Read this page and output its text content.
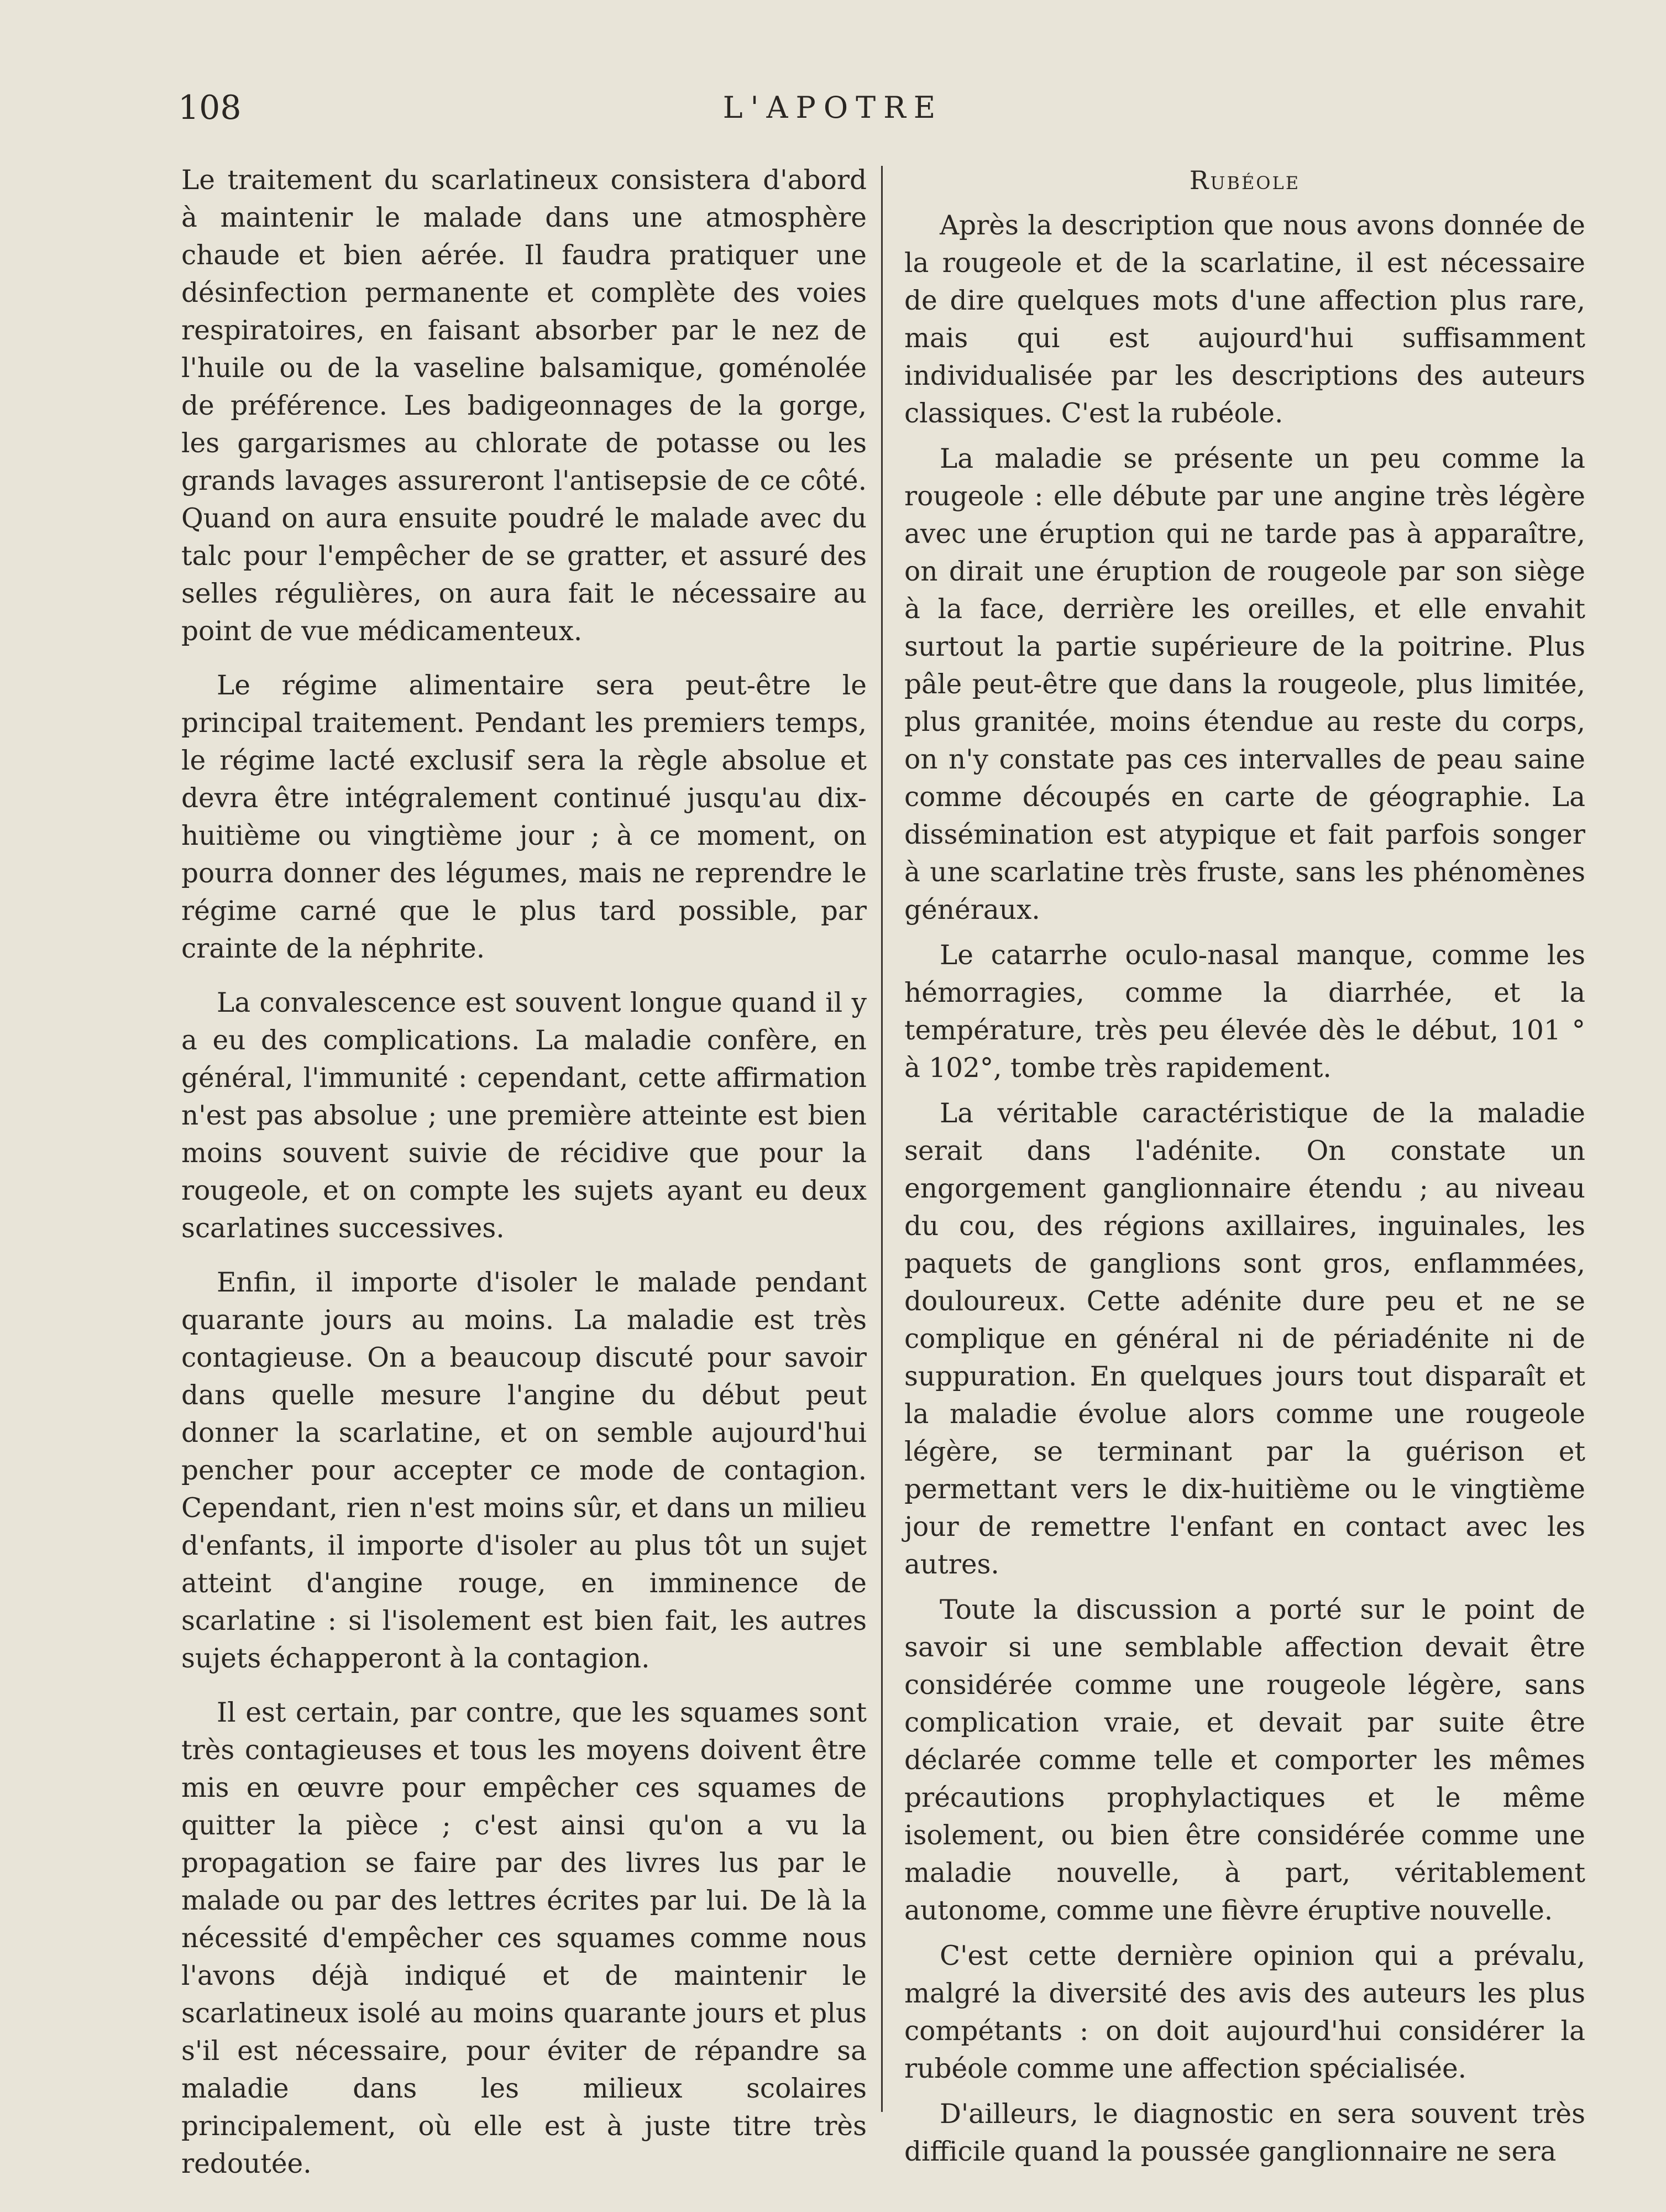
108	L'APOTRE

Le traitement du scarlatineux consistera d'abord à maintenir le malade dans une atmosphère chaude et bien aérée. Il faudra pratiquer une désinfection permanente et complète des voies respiratoires, en faisant absorber par le nez de l'huile ou de la vaseline balsamique, goménolée de préférence. Les badigeonnages de la gorge, les gargarismes au chlorate de potasse ou les grands lavages assureront l'antisepsie de ce côté. Quand on aura ensuite poudré le malade avec du talc pour l'empêcher de se gratter, et assuré des selles régulières, on aura fait le nécessaire au point de vue médicamenteux.

Le régime alimentaire sera peut-être le principal traitement. Pendant les premiers temps, le régime lacté exclusif sera la règle absolue et devra être intégralement continué jusqu'au dix-huitième ou vingtième jour ; à ce moment, on pourra donner des légumes, mais ne reprendre le régime carné que le plus tard possible, par crainte de la néphrite.

La convalescence est souvent longue quand il y a eu des complications. La maladie confère, en général, l'immunité : cependant, cette affirmation n'est pas absolue ; une première atteinte est bien moins souvent suivie de récidive que pour la rougeole, et on compte les sujets ayant eu deux scarlatines successives.

Enfin, il importe d'isoler le malade pendant quarante jours au moins. La maladie est très contagieuse. On a beaucoup discuté pour savoir dans quelle mesure l'angine du début peut donner la scarlatine, et on semble aujourd'hui pencher pour accepter ce mode de contagion. Cependant, rien n'est moins sûr, et dans un milieu d'enfants, il importe d'isoler au plus tôt un sujet atteint d'angine rouge, en imminence de scarlatine : si l'isolement est bien fait, les autres sujets échapperont à la contagion.

Il est certain, par contre, que les squames sont très contagieuses et tous les moyens doivent être mis en œuvre pour empêcher ces squames de quitter la pièce ; c'est ainsi qu'on a vu la propagation se faire par des livres lus par le malade ou par des lettres écrites par lui. De là la nécessité d'empêcher ces squames comme nous l'avons déjà indiqué et de maintenir le scarlatineux isolé au moins quarante jours et plus s'il est nécessaire, pour éviter de répandre sa maladie dans les milieux scolaires principalement, où elle est à juste titre très redoutée.

Rubéole

Après la description que nous avons donnée de la rougeole et de la scarlatine, il est nécessaire de dire quelques mots d'une affection plus rare, mais qui est aujourd'hui suffisamment individualisée par les descriptions des auteurs classiques. C'est la rubéole.

La maladie se présente un peu comme la rougeole : elle débute par une angine très légère avec une éruption qui ne tarde pas à apparaître, on dirait une éruption de rougeole par son siège à la face, derrière les oreilles, et elle envahit surtout la partie supérieure de la poitrine. Plus pâle peut-être que dans la rougeole, plus limitée, plus granitée, moins étendue au reste du corps, on n'y constate pas ces intervalles de peau saine comme découpés en carte de géographie. La dissémination est atypique et fait parfois songer à une scarlatine très fruste, sans les phénomènes généraux.

Le catarrhe oculo-nasal manque, comme les hémorragies, comme la diarrhée, et la température, très peu élevée dès le début, 101 ° à 102°, tombe très rapidement.

La véritable caractéristique de la maladie serait dans l'adénite. On constate un engorgement ganglionnaire étendu ; au niveau du cou, des régions axillaires, inguinales, les paquets de ganglions sont gros, enflammées, douloureux. Cette adénite dure peu et ne se complique en général ni de périadénite ni de suppuration. En quelques jours tout disparaît et la maladie évolue alors comme une rougeole légère, se terminant par la guérison et permettant vers le dix-huitième ou le vingtième jour de remettre l'enfant en contact avec les autres.

Toute la discussion a porté sur le point de savoir si une semblable affection devait être considérée comme une rougeole légère, sans complication vraie, et devait par suite être déclarée comme telle et comporter les mêmes précautions prophylactiques et le même isolement, ou bien être considérée comme une maladie nouvelle, à part, véritablement autonome, comme une fièvre éruptive nouvelle.

C'est cette dernière opinion qui a prévalu, malgré la diversité des avis des auteurs les plus compétants : on doit aujourd'hui considérer la rubéole comme une affection spécialisée.

D'ailleurs, le diagnostic en sera souvent très difficile quand la poussée ganglionnaire ne sera
